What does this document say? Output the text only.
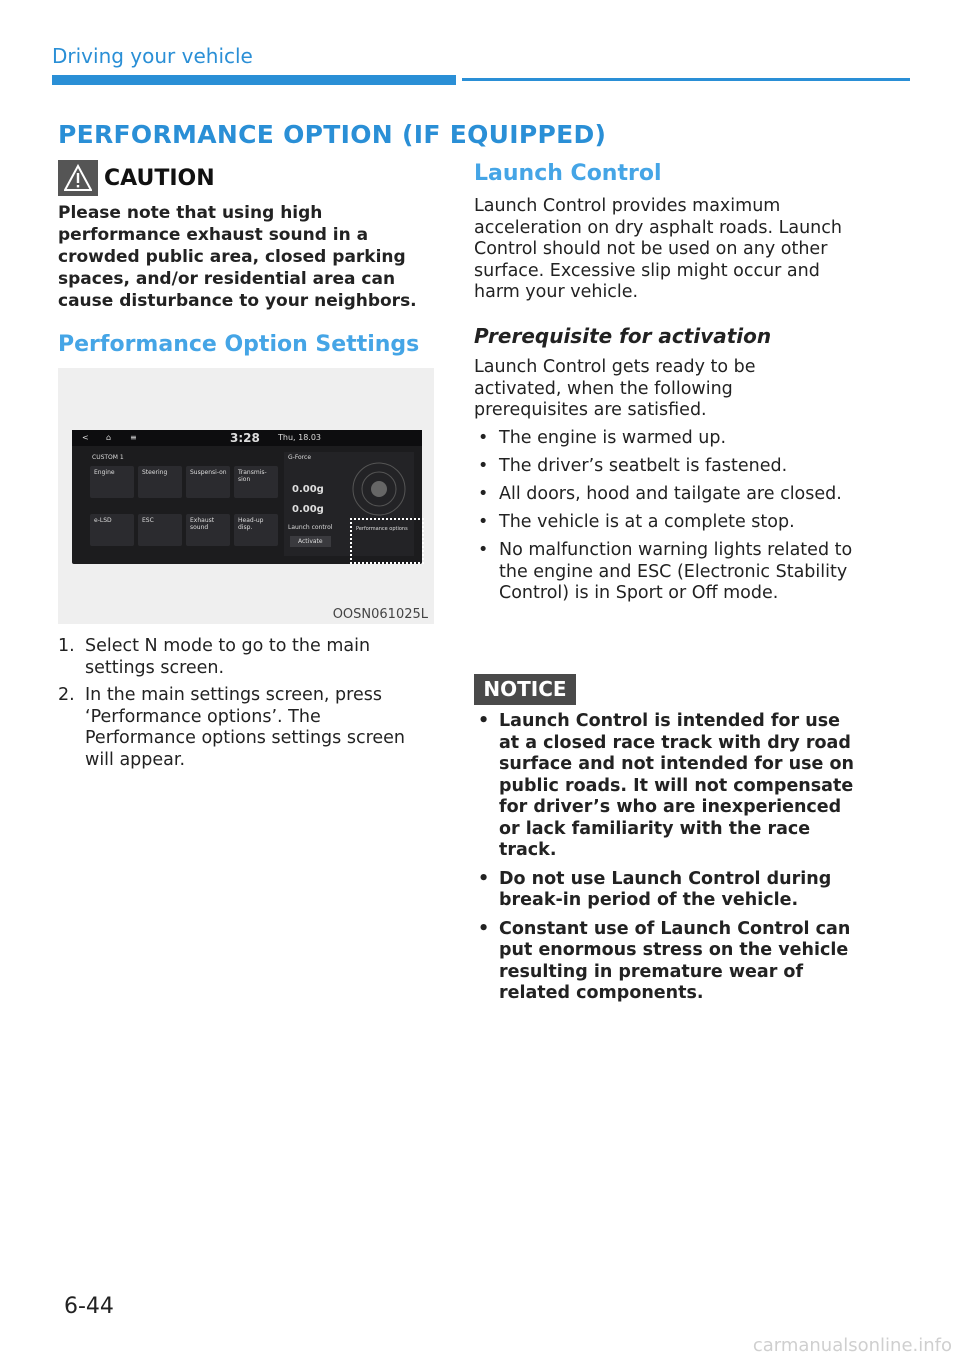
Driving your vehicle
PERFORMANCE OPTION (IF EQUIPPED)
CAUTION

Please note that using high performance exhaust sound in a crowded public area, closed parking spaces, and/or residential area can cause disturbance to your neighbors.

Performance Option Settings
< ⌂ ≡	3:28 Thu, 18.03
CUSTOM 1
Engine	Steering	Suspensi-on Transmis-sion
e-LSD	ESC	Exhaust sound
Head-up disp.
G-Force
0.00g
0.00g
Launch control
Activate
Performance options
OOSN061025L
1. Select N mode to go to the main settings screen.
2. In the main settings screen, press ‘Performance options’. The Performance options settings screen will appear.
Launch Control

Launch Control provides maximum acceleration on dry asphalt roads. Launch Control should not be used on any other surface. Excessive slip might occur and harm your vehicle.

Prerequisite for activation

Launch Control gets ready to be activated, when the following prerequisites are satisfied.

• The engine is warmed up.
• The driver’s seatbelt is fastened.
• All doors, hood and tailgate are closed.
• The vehicle is at a complete stop.
• No malfunction warning lights related to the engine and ESC (Electronic Stability Control) is in Sport or Off mode.
NOTICE
• Launch Control is intended for use at a closed race track with dry road surface and not intended for use on public roads. It will not compensate for driver’s who are inexperienced or lack familiarity with the race track.
• Do not use Launch Control during break-in period of the vehicle.
• Constant use of Launch Control can put enormous stress on the vehicle resulting in premature wear of related components.
6-44
carmanualsonline.info
